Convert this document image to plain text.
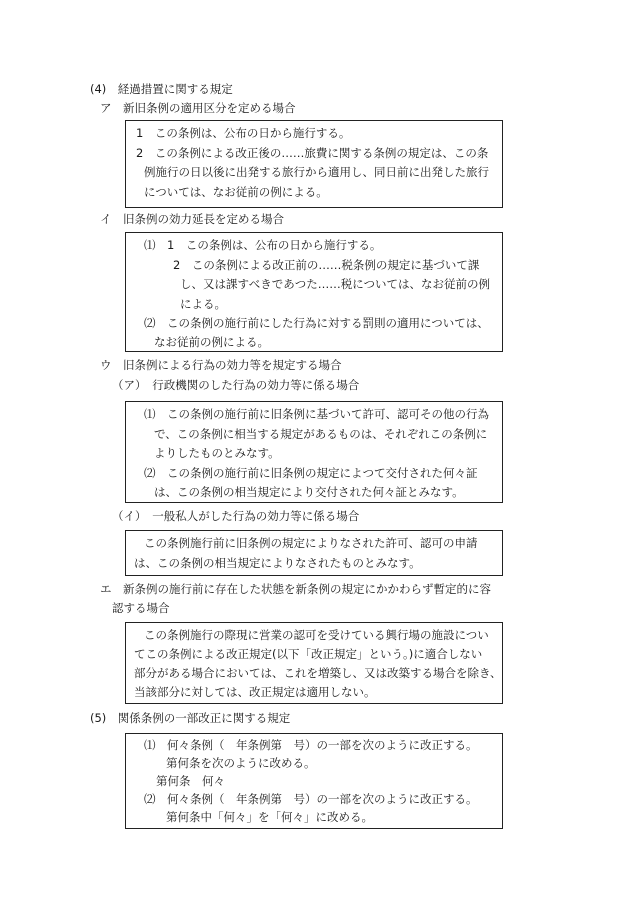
(4)　経過措置に関する規定
ア　新旧条例の適用区分を定める場合
1　この条例は、公布の日から施行する。
2　この条例による改正後の……旅費に関する条例の規定は、この条
例施行の日以後に出発する旅行から適用し、同日前に出発した旅行
については、なお従前の例による。
イ　旧条例の効力延長を定める場合
⑴　1　この条例は、公布の日から施行する。
2　この条例による改正前の……税条例の規定に基づいて課
し、又は課すべきであつた……税については、なお従前の例
による。
⑵　この条例の施行前にした行為に対する罰則の適用については、
なお従前の例による。
ウ　旧条例による行為の効力等を規定する場合
（ア）　行政機関のした行為の効力等に係る場合
⑴　この条例の施行前に旧条例に基づいて許可、認可その他の行為
で、この条例に相当する規定があるものは、それぞれこの条例に
よりしたものとみなす。
⑵　この条例の施行前に旧条例の規定によつて交付された何々証
は、この条例の相当規定により交付された何々証とみなす。
（イ）　一般私人がした行為の効力等に係る場合
この条例施行前に旧条例の規定によりなされた許可、認可の申請
は、この条例の相当規定によりなされたものとみなす。
エ　新条例の施行前に存在した状態を新条例の規定にかかわらず暫定的に容
認する場合
この条例施行の際現に営業の認可を受けている興行場の施設につい
てこの条例による改正規定(以下「改正規定」という。)に適合しない
部分がある場合においては、これを増築し、又は改築する場合を除き、
当該部分に対しては、改正規定は適用しない。
(5)　関係条例の一部改正に関する規定
⑴　何々条例（　年条例第　号）の一部を次のように改正する。
第何条を次のように改める。
第何条　何々
⑵　何々条例（　年条例第　号）の一部を次のように改正する。
第何条中「何々」を「何々」に改める。
